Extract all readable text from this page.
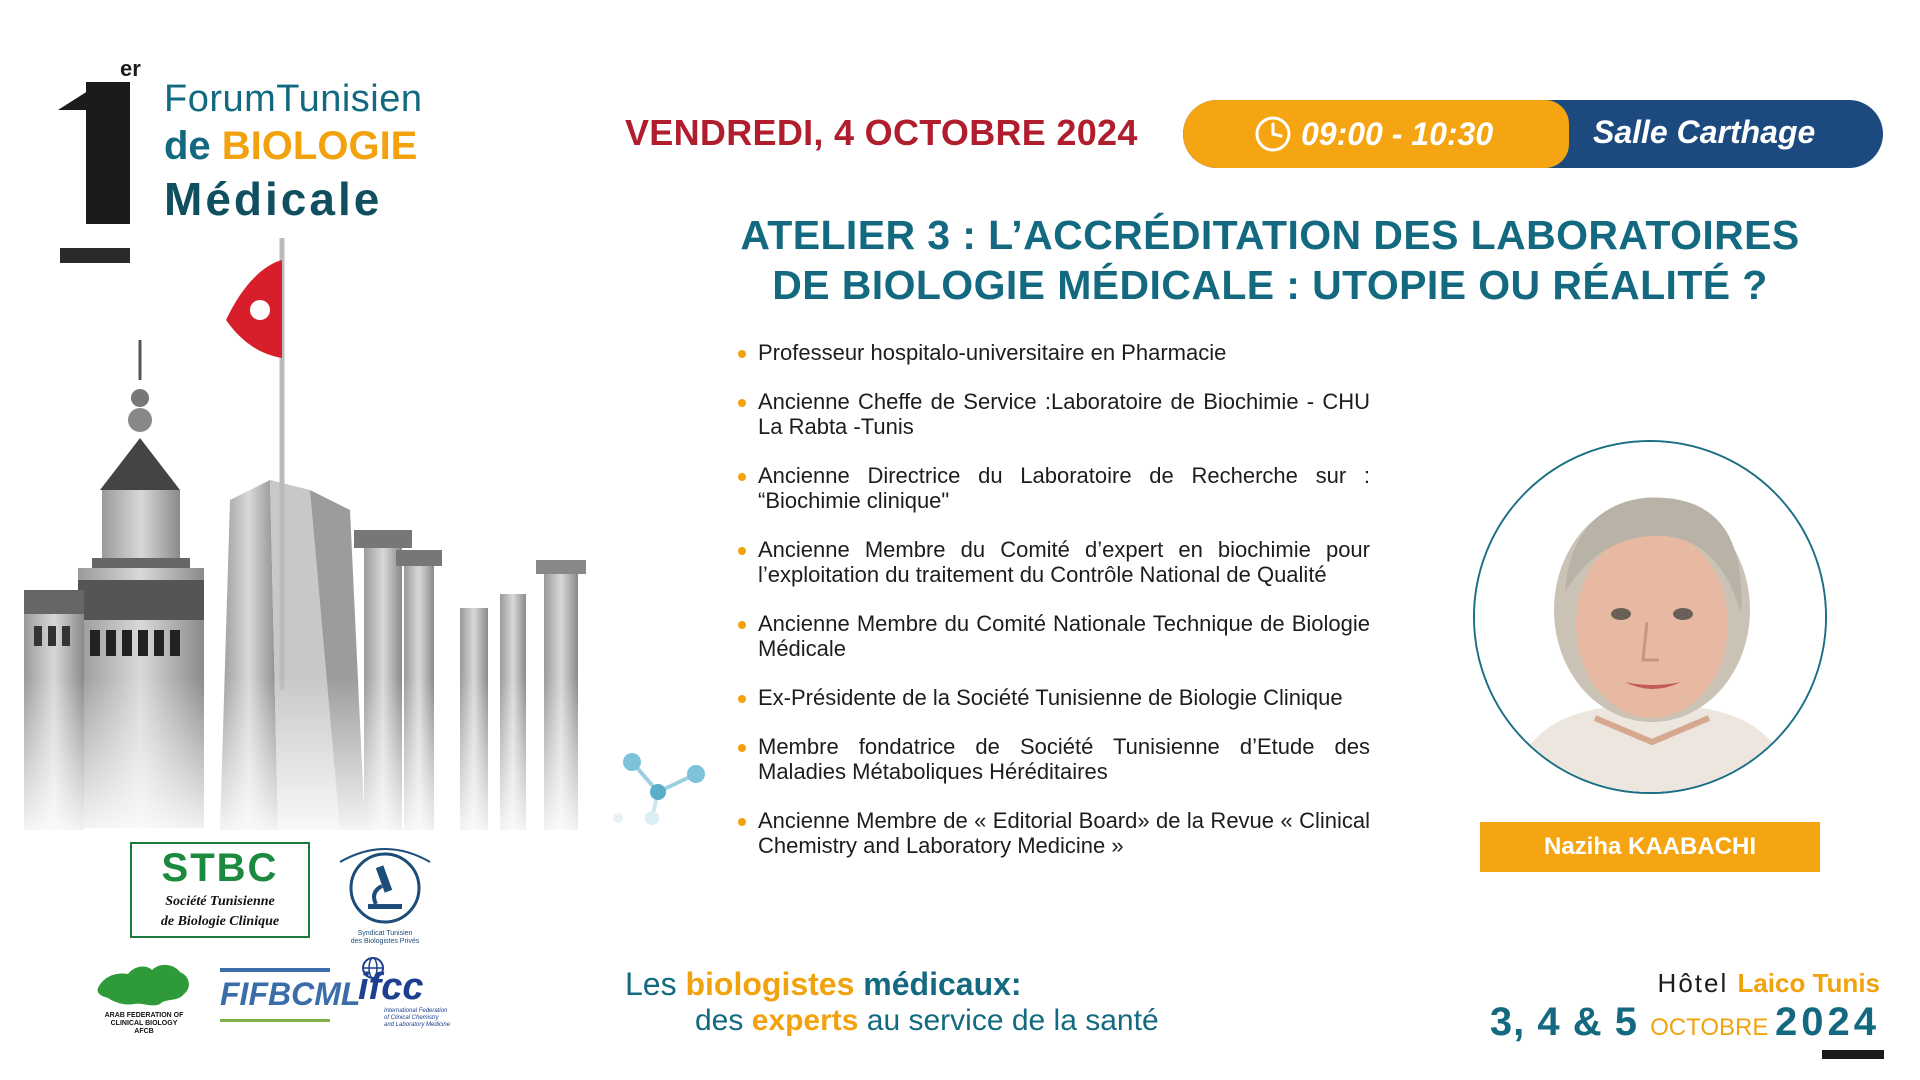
er
ForumTunisien
de BIOLOGIE
Médicale
STBC
Société Tunisienne
de Biologie Clinique
Syndicat Tunisien
des Biologistes Privés
ARAB FEDERATION OF
CLINICAL BIOLOGY
AFCB
FIFBCML
ifcc
International Federation
of Clinical Chemistry
and Laboratory Medicine
VENDREDI, 4 OCTOBRE 2024	09:00 - 10:30	Salle Carthage
ATELIER 3 : L’ACCRÉDITATION DES LABORATOIRES
DE BIOLOGIE MÉDICALE : UTOPIE OU RÉALITÉ ?
Professeur hospitalo-universitaire en Pharmacie
Ancienne Cheffe de Service :Laboratoire de Biochimie - CHU La Rabta -Tunis
Ancienne Directrice du Laboratoire de Recherche sur : “Biochimie clinique"
Ancienne Membre du Comité d’expert en biochimie pour l’exploitation du traitement du Contrôle National de Qualité
Ancienne Membre du Comité Nationale Technique de Biologie Médicale
Ex-Présidente de la Société Tunisienne de Biologie Clinique
Membre fondatrice de Société Tunisienne d’Etude des Maladies Métaboliques Héréditaires
Ancienne Membre de « Editorial Board» de la Revue « Clinical Chemistry and Laboratory Medicine »	Naziha KAABACHI
Les biologistes médicaux:
des experts au service de la santé
Hôtel Laico Tunis
3, 4 & 5 OCTOBRE 2024
